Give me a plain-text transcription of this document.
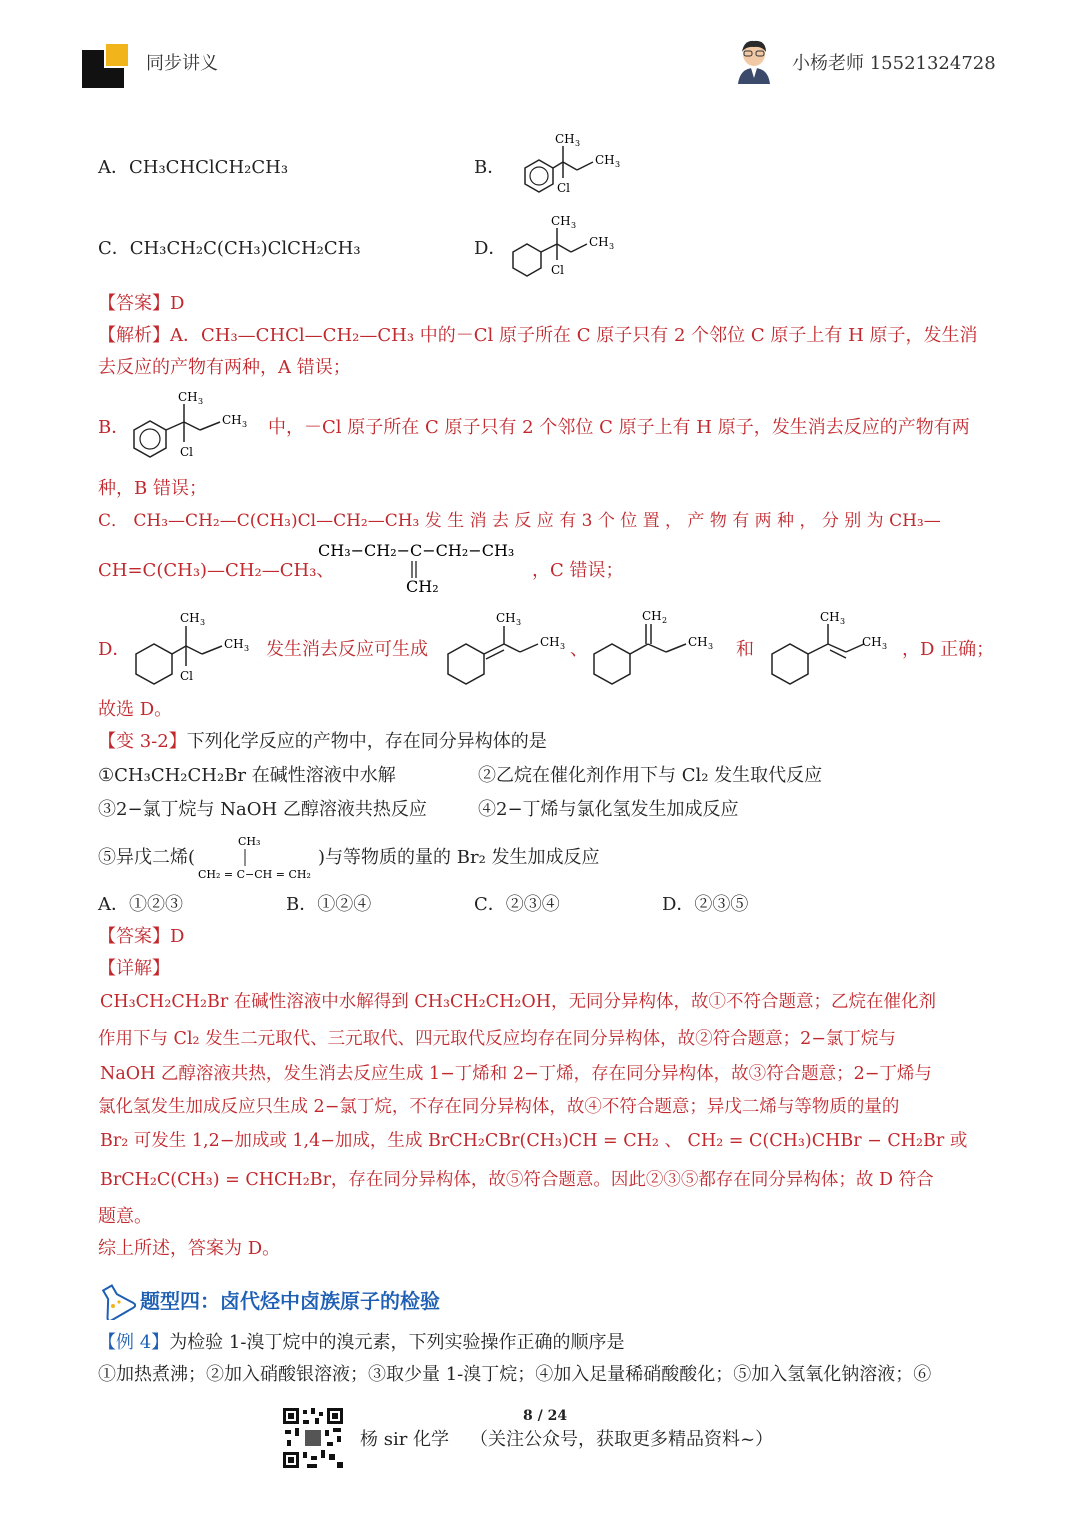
同步讲义	小杨老师 15521324728
A．CH₃CHClCH₂CH₃	B．
CH 3
CH 3
Cl
C．CH₃CH₂C(CH₃)ClCH₂CH₃	D．
CH 3
CH 3
Cl
【答案】D
【解析】A．CH₃—CHCl—CH₂—CH₃ 中的－Cl 原子所在 C 原子只有 2 个邻位 C 原子上有 H 原子，发生消
去反应的产物有两种，A 错误；
B．
CH 3
CH 3
Cl
中，－Cl 原子所在 C 原子只有 2 个邻位 C 原子上有 H 原子，发生消去反应的产物有两
种，B 错误；
C． CH₃—CH₂—C(CH₃)Cl—CH₂—CH₃ 发 生 消 去 反 应 有 3 个 位 置 ， 产 物 有 两 种 ， 分 别 为 CH₃—
CH=C(CH₃)—CH₂—CH₃、
CH₃−CH₂−C−CH₂−CH₃
CH₂
，C 错误；
D．
CH 3
CH 3
Cl
发生消去反应可生成
CH 3
CH 3 、
CH 2
CH 3 和
CH 3
CH 3 ，D 正确；
故选 D。
【变 3-2】下列化学反应的产物中，存在同分异构体的是
①CH₃CH₂CH₂Br 在碱性溶液中水解	②乙烷在催化剂作用下与 Cl₂ 发生取代反应
③2−氯丁烷与 NaOH 乙醇溶液共热反应	④2−丁烯与氯化氢发生加成反应
⑤异戊二烯(
CH₃
CH₂ = C−CH = CH₂
)与等物质的量的 Br₂ 发生加成反应
A．①②③	B．①②④	C．②③④	D．②③⑤
【答案】D
【详解】
CH₃CH₂CH₂Br 在碱性溶液中水解得到 CH₃CH₂CH₂OH，无同分异构体，故①不符合题意；乙烷在催化剂
作用下与 Cl₂ 发生二元取代、三元取代、四元取代反应均存在同分异构体，故②符合题意；2−氯丁烷与
NaOH 乙醇溶液共热，发生消去反应生成 1−丁烯和 2−丁烯，存在同分异构体，故③符合题意；2−丁烯与
氯化氢发生加成反应只生成 2−氯丁烷，不存在同分异构体，故④不符合题意；异戊二烯与等物质的量的
Br₂ 可发生 1,2−加成或 1,4−加成，生成 BrCH₂CBr(CH₃)CH = CH₂ 、 CH₂ = C(CH₃)CHBr − CH₂Br 或
BrCH₂C(CH₃) = CHCH₂Br，存在同分异构体，故⑤符合题意。因此②③⑤都存在同分异构体；故 D 符合
题意。
综上所述，答案为 D。
题型四：卤代烃中卤族原子的检验
【例 4】为检验 1-溴丁烷中的溴元素，下列实验操作正确的顺序是
①加热煮沸；②加入硝酸银溶液；③取少量 1-溴丁烷；④加入足量稀硝酸酸化；⑤加入氢氧化钠溶液；⑥
8 / 24
杨 sir 化学 （关注公众号，获取更多精品资料~）
